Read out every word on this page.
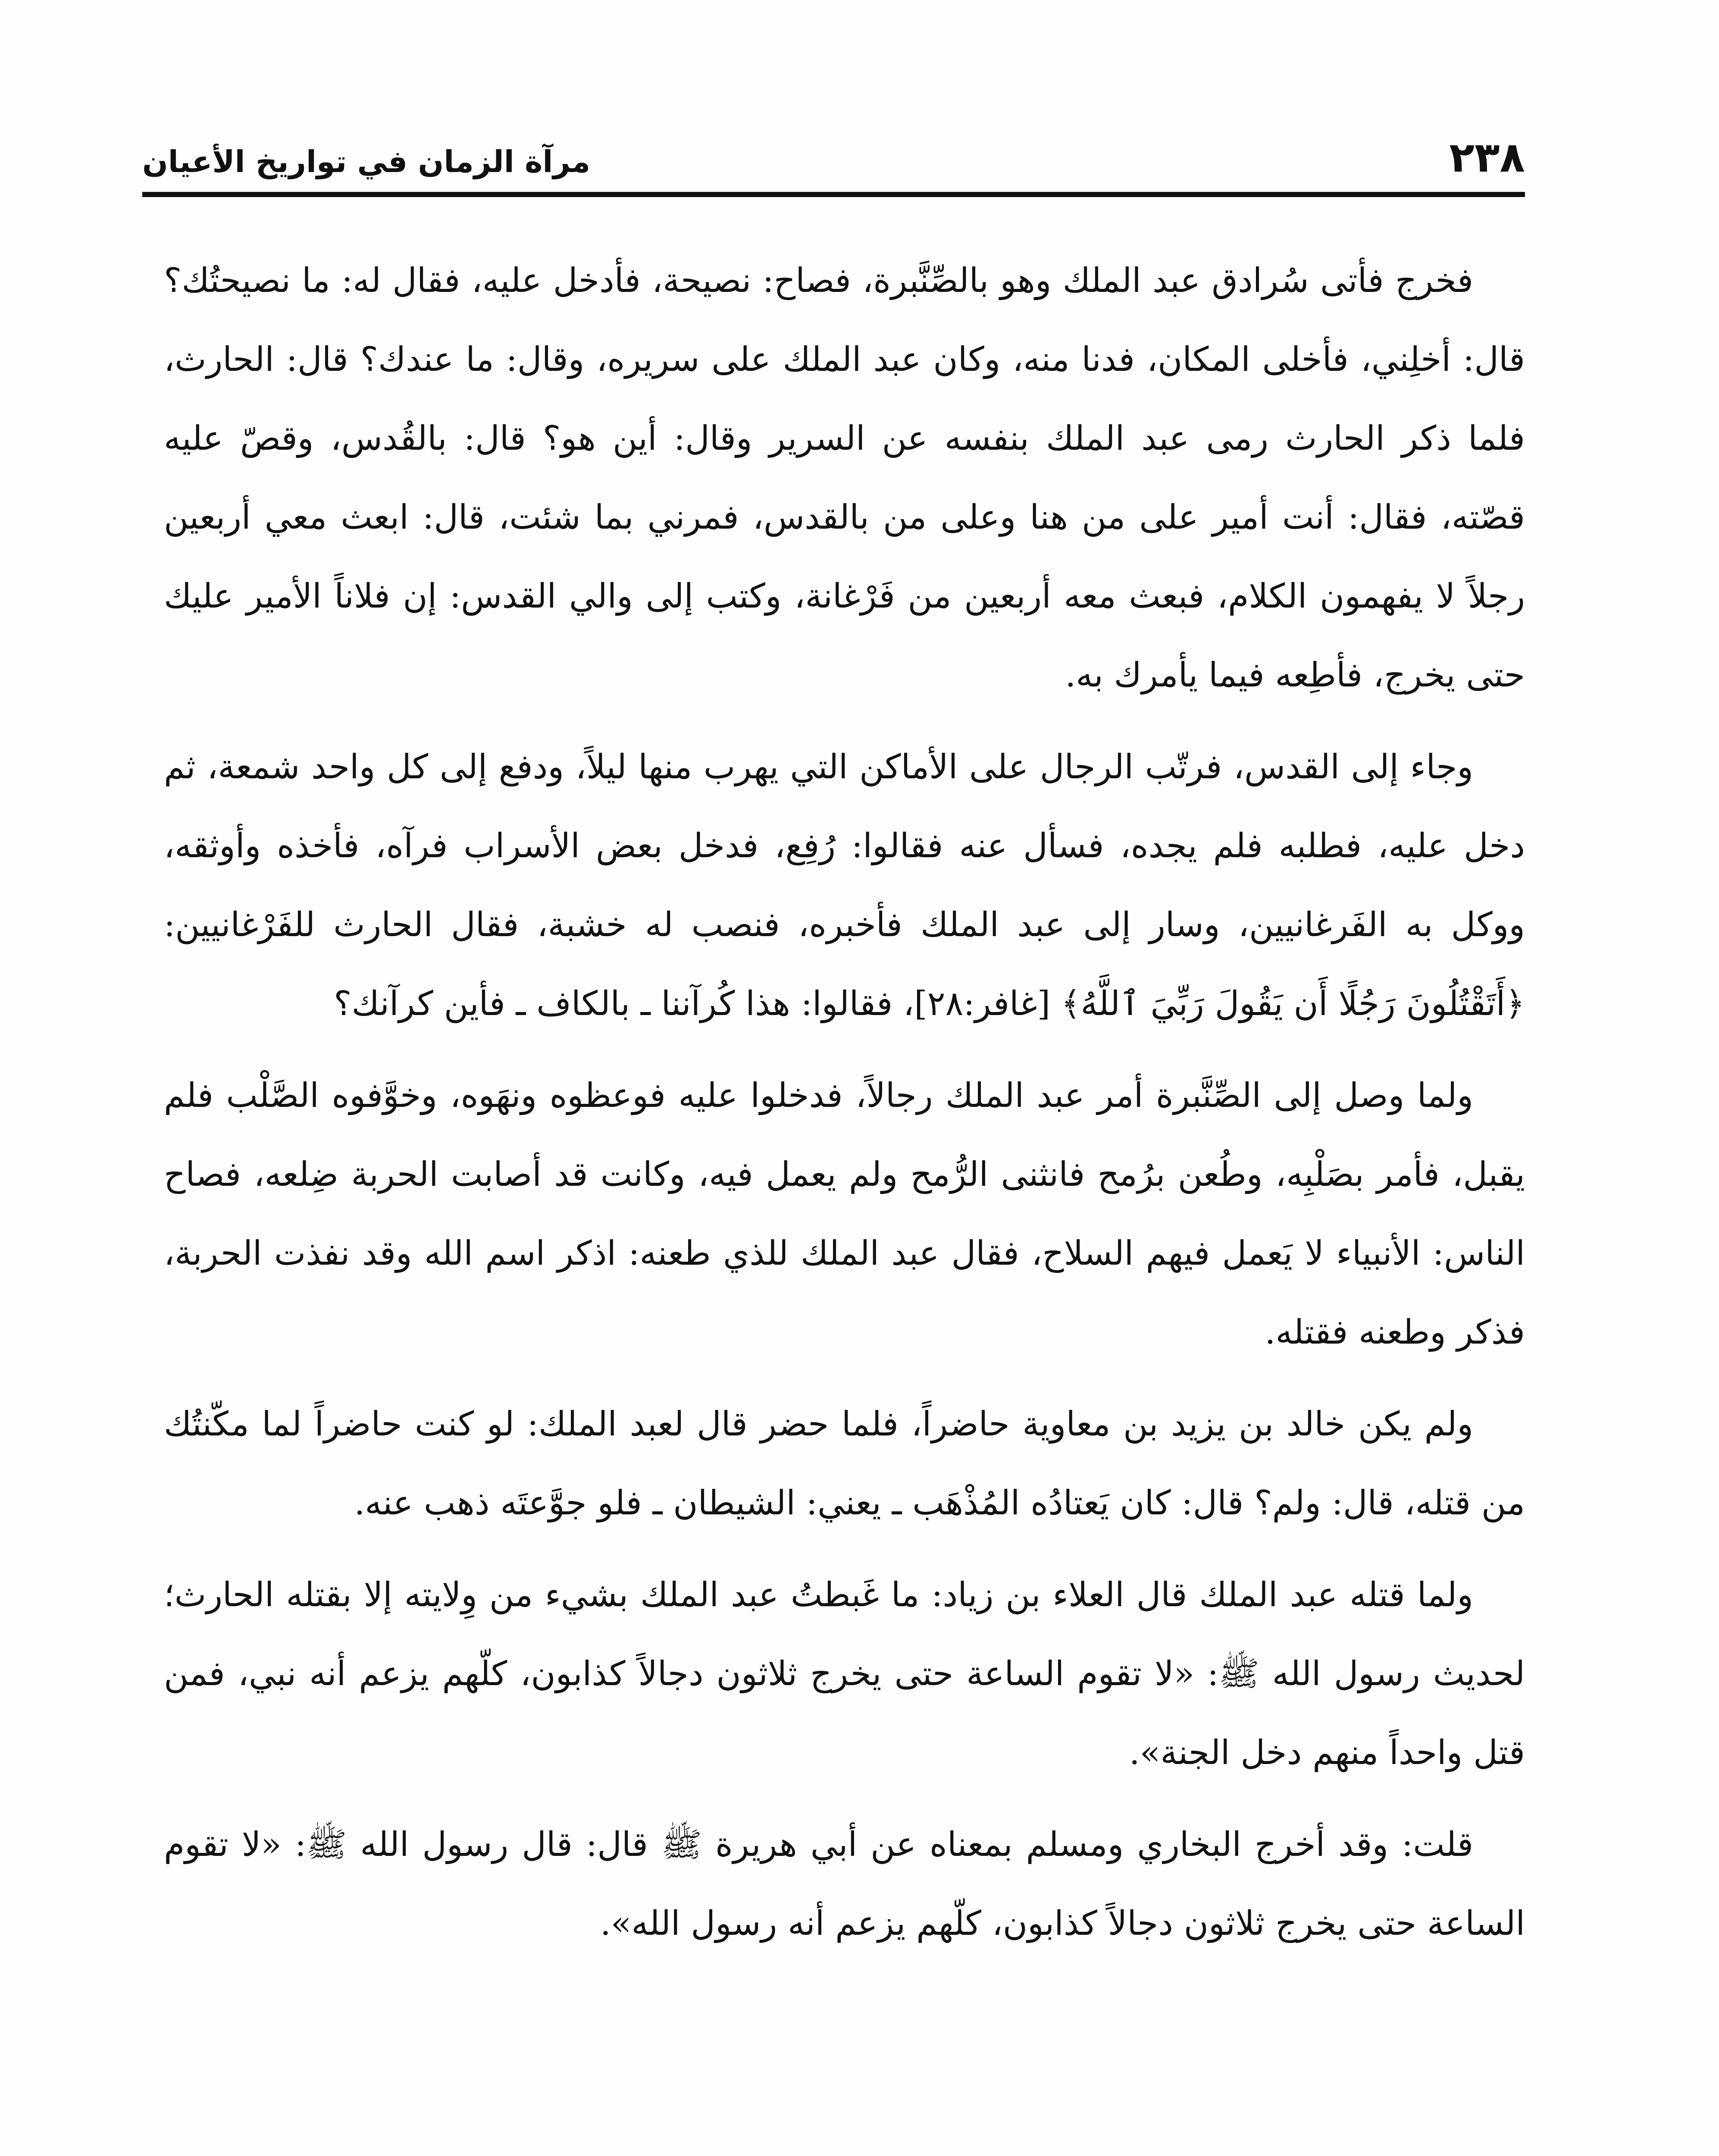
٢٣٨
مرآة الزمان في تواريخ الأعيان

فخرج فأتى سُرادق عبد الملك وهو بالصِّنَّبرة، فصاح: نصيحة، فأدخل عليه، فقال له: ما نصيحتُك؟ قال: أخلِني، فأخلى المكان، فدنا منه، وكان عبد الملك على سريره، وقال: ما عندك؟ قال: الحارث، فلما ذكر الحارث رمى عبد الملك بنفسه عن السرير وقال: أين هو؟ قال: بالقُدس، وقصّ عليه قصّته، فقال: أنت أمير على من هنا وعلى من بالقدس، فمرني بما شئت، قال: ابعث معي أربعين رجلاً لا يفهمون الكلام، فبعث معه أربعين من فَرْغانة، وكتب إلى والي القدس: إن فلاناً الأمير عليك حتى يخرج، فأطِعه فيما يأمرك به.

وجاء إلى القدس، فرتّب الرجال على الأماكن التي يهرب منها ليلاً، ودفع إلى كل واحد شمعة، ثم دخل عليه، فطلبه فلم يجده، فسأل عنه فقالوا: رُفِع، فدخل بعض الأسراب فرآه، فأخذه وأوثقه، ووكل به الفَرغانيين، وسار إلى عبد الملك فأخبره، فنصب له خشبة، فقال الحارث للفَرْغانيين: ﴿أَتَقْتُلُونَ رَجُلًا أَن يَقُولَ رَبِّيَ ٱللَّهُ﴾ [غافر:٢٨]، فقالوا: هذا كُرآننا ـ بالكاف ـ فأين كرآنك؟

ولما وصل إلى الصِّنَّبرة أمر عبد الملك رجالاً، فدخلوا عليه فوعظوه ونهَوه، وخوَّفوه الصَّلْب فلم يقبل، فأمر بصَلْبِه، وطُعن برُمح فانثنى الرُّمح ولم يعمل فيه، وكانت قد أصابت الحربة ضِلعه، فصاح الناس: الأنبياء لا يَعمل فيهم السلاح، فقال عبد الملك للذي طعنه: اذكر اسم الله وقد نفذت الحربة، فذكر وطعنه فقتله.

ولم يكن خالد بن يزيد بن معاوية حاضراً، فلما حضر قال لعبد الملك: لو كنت حاضراً لما مكّنتُك من قتله، قال: ولم؟ قال: كان يَعتادُه المُذْهَب ـ يعني: الشيطان ـ فلو جوَّعتَه ذهب عنه.

ولما قتله عبد الملك قال العلاء بن زياد: ما غَبطتُ عبد الملك بشيء من وِلايته إلا بقتله الحارث؛ لحديث رسول الله ﷺ: «لا تقوم الساعة حتى يخرج ثلاثون دجالاً كذابون، كلّهم يزعم أنه نبي، فمن قتل واحداً منهم دخل الجنة».

قلت: وقد أخرج البخاري ومسلم بمعناه عن أبي هريرة ﷺ قال: قال رسول الله ﷺ: «لا تقوم الساعة حتى يخرج ثلاثون دجالاً كذابون، كلّهم يزعم أنه رسول الله».
